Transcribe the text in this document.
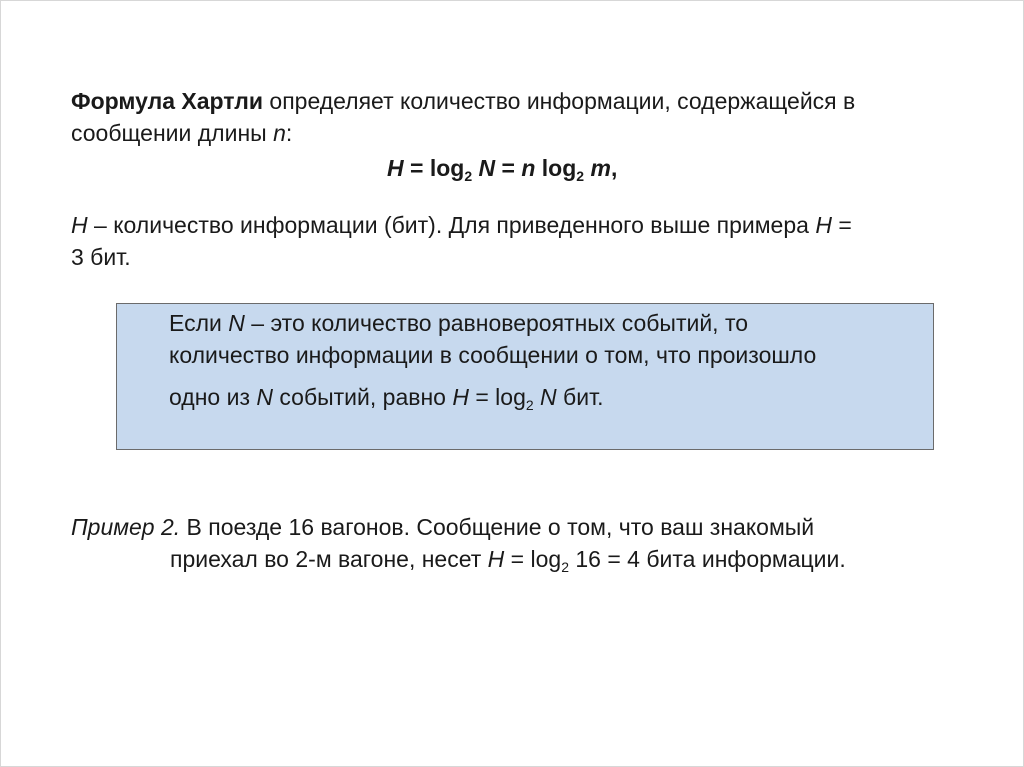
Формула Хартли определяет количество информации, содержащейся в
сообщении длины n:
$H = \log_2 N = n$ $\log_2 m$,
H – количество информации (бит). Для приведенного выше примера H =
3 бит.
Если N – это количество равновероятных событий, то
количество информации в сообщении о том, что произошло
одно из N событий, равно $H = \log_2 N$ бит.
Пример 2. В поезде 16 вагонов. Сообщение о том, что ваш знакомый
приехал во 2-м вагоне, несет $H = \log_2 16 = 4$ бита информации.
